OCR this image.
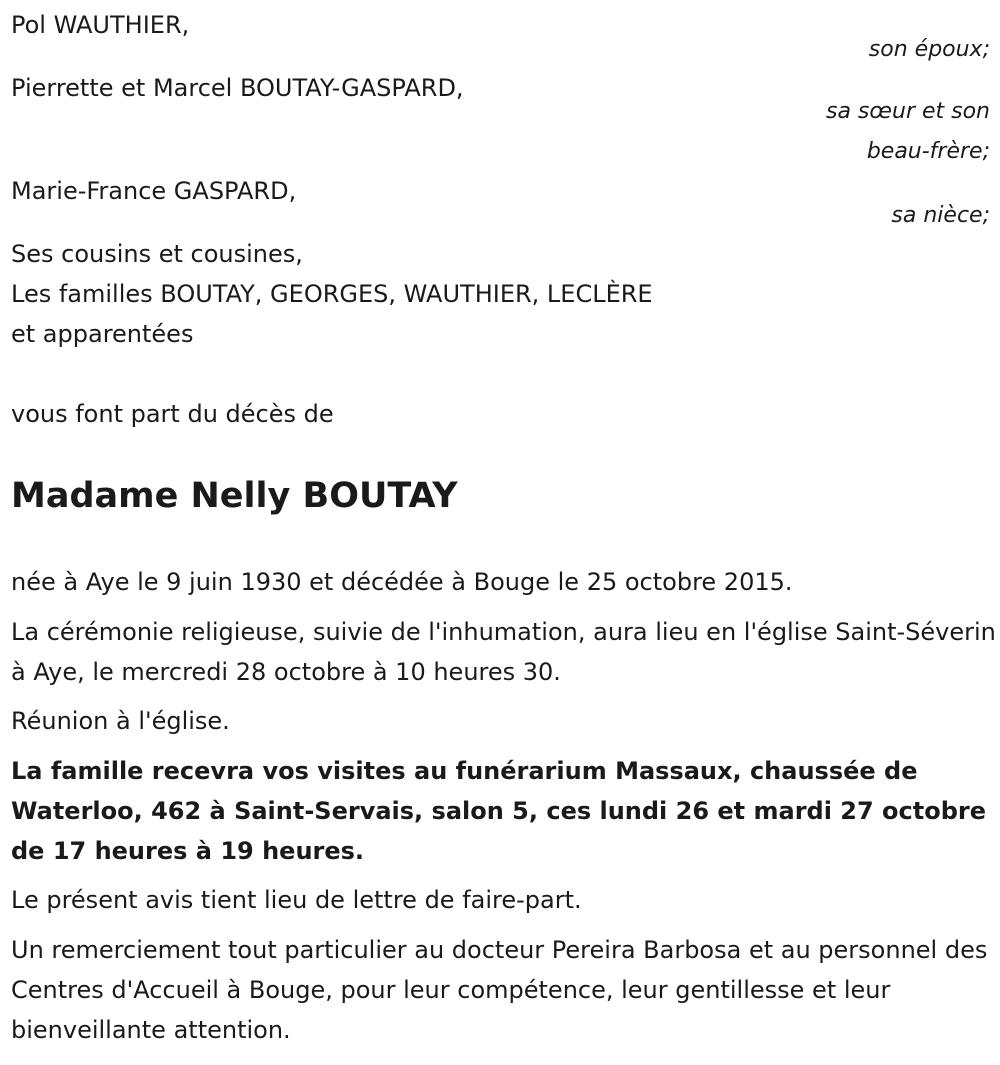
Pol WAUTHIER,
son époux;
Pierrette et Marcel BOUTAY-GASPARD,
sa sœur et son
beau-frère;
Marie-France GASPARD,
sa nièce;
Ses cousins et cousines,
Les familles BOUTAY, GEORGES, WAUTHIER, LECLÈRE
et apparentées
vous font part du décès de
Madame Nelly BOUTAY
née à Aye le 9 juin 1930 et décédée à Bouge le 25 octobre 2015.
La cérémonie religieuse, suivie de l'inhumation, aura lieu en l'église Saint-Séverin à Aye, le mercredi 28 octobre à 10 heures 30.
Réunion à l'église.
La famille recevra vos visites au funérarium Massaux, chaussée de Waterloo, 462 à Saint-Servais, salon 5, ces lundi 26 et mardi 27 octobre de 17 heures à 19 heures.
Le présent avis tient lieu de lettre de faire-part.
Un remerciement tout particulier au docteur Pereira Barbosa et au personnel des Centres d'Accueil à Bouge, pour leur compétence, leur gentillesse et leur bienveillante attention.
